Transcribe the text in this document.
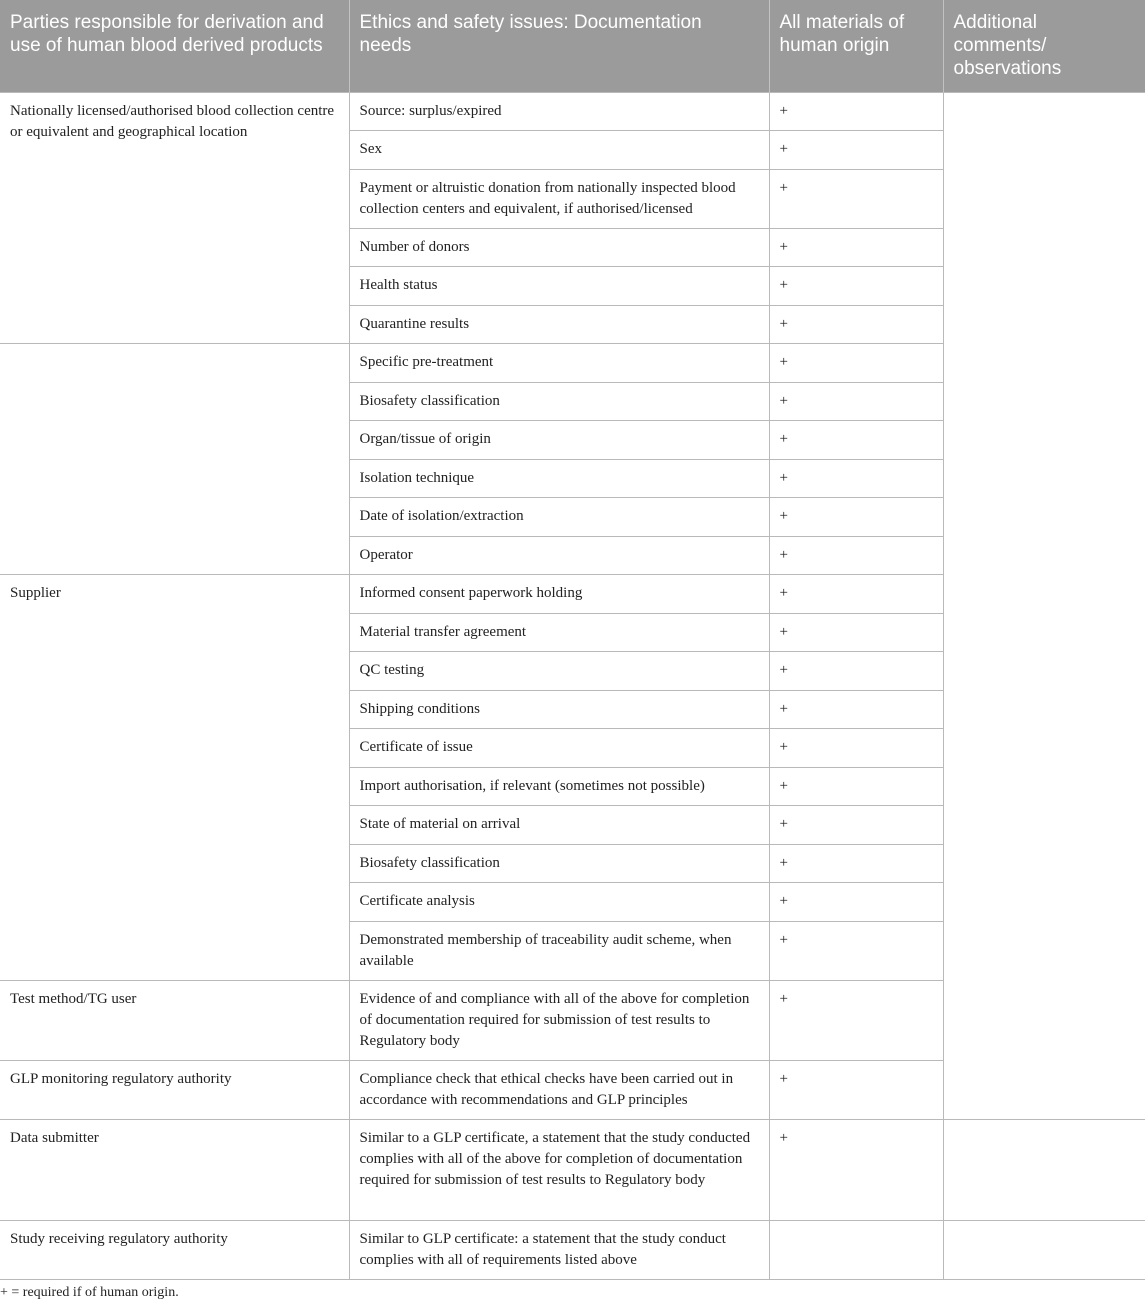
Parties responsible for derivation and use of human blood derived products	Ethics and safety issues: Documentation needs	All materials of human origin	Additional comments/ observations	
Nationally licensed/authorised blood collection centre or equivalent and geographical location	Source: surplus/expired	+		
	Sex	+		
	Payment or altruistic donation from nationally inspected blood collection centers and equivalent, if authorised/licensed	+		
	Number of donors	+		
	Health status	+		
	Quarantine results	+		
	Specific pre-treatment	+		
	Biosafety classification	+		
	Organ/tissue of origin	+		
	Isolation technique	+		
	Date of isolation/extraction	+		
	Operator	+		
Supplier	Informed consent paperwork holding	+		
	Material transfer agreement	+		
	QC testing	+		
	Shipping conditions	+		
	Certificate of issue	+		
	Import authorisation, if relevant (sometimes not possible)	+		
	State of material on arrival	+		
	Biosafety classification	+		
	Certificate analysis	+		
	Demonstrated membership of traceability audit scheme, when available	+		
Test method/TG user	Evidence of and compliance with all of the above for completion of documentation required for submission of test results to Regulatory body	+		
GLP monitoring regulatory authority	Compliance check that ethical checks have been carried out in accordance with recommendations and GLP principles	+		
Data submitter	Similar to a GLP certificate, a statement that the study conducted complies with all of the above for completion of documentation required for submission of test results to Regulatory body	+		
Study receiving regulatory authority	Similar to GLP certificate: a statement that the study conduct complies with all of requirements listed above			
+ = required if of human origin.
